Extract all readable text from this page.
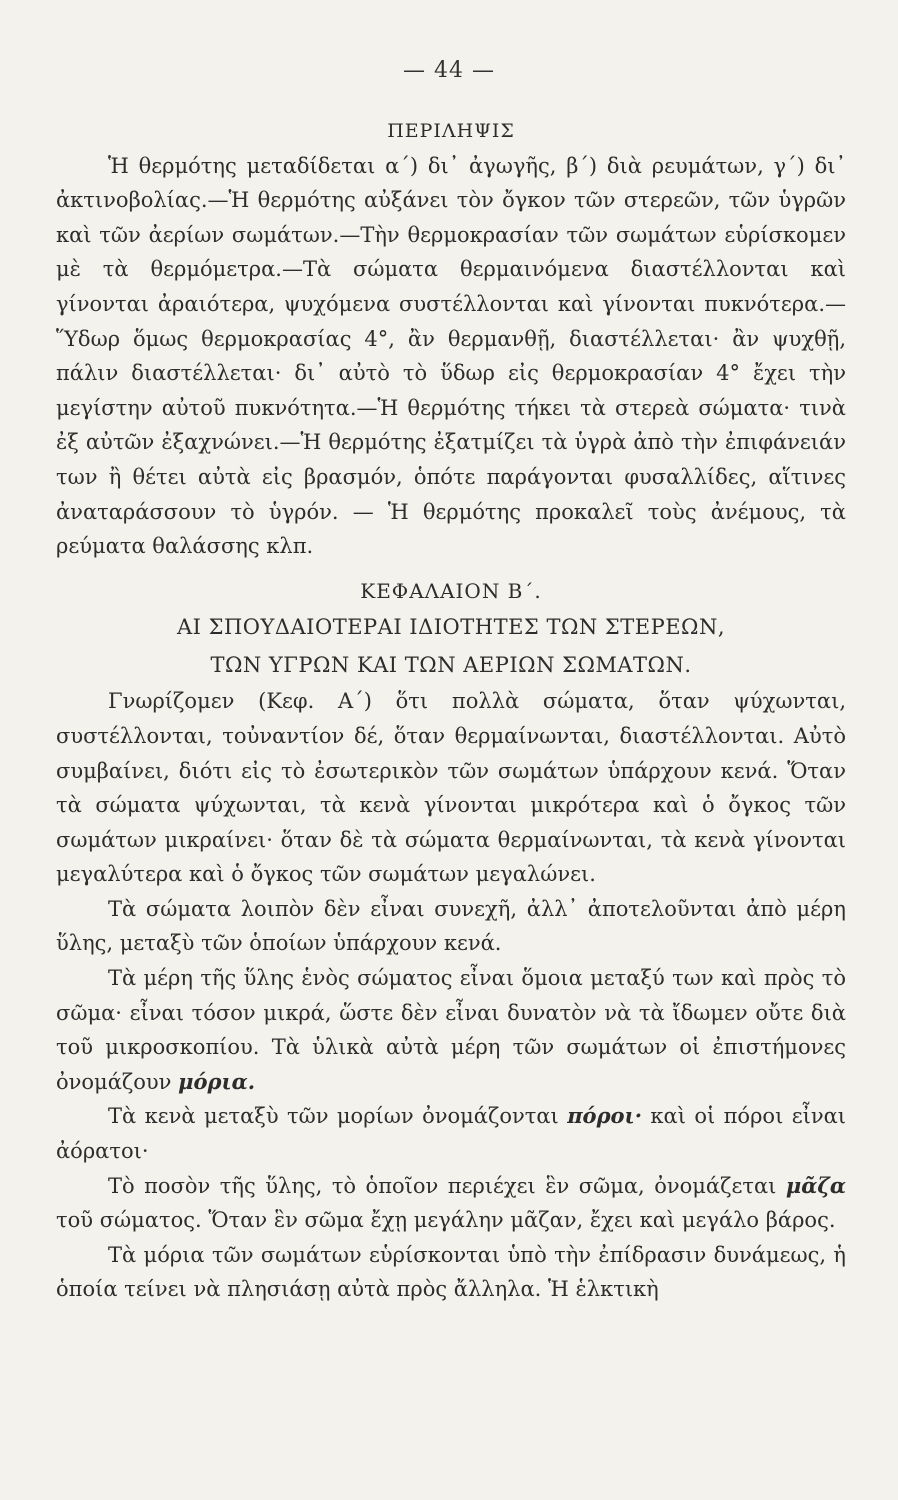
— 44 —
ΠΕΡΙΛΗΨΙΣ

Ἡ θερμότης μεταδίδεται α΄) δι᾿ ἀγωγῆς, β΄) διὰ ρευμάτων, γ΄) δι᾿ ἀκτινοβολίας.—Ἡ θερμότης αὐξάνει τὸν ὄγκον τῶν στερεῶν, τῶν ὑγρῶν καὶ τῶν ἀερίων σωμάτων.—Τὴν θερμοκρασίαν τῶν σωμάτων εὑρίσκομεν μὲ τὰ θερμόμετρα.—Τὰ σώματα θερμαινόμενα διαστέλλονται καὶ γίνονται ἀραιότερα, ψυχόμενα συστέλλονται καὶ γίνονται πυκνότερα.—Ὕδωρ ὅμως θερμοκρασίας 4°, ἂν θερμανθῇ, διαστέλλεται· ἂν ψυχθῇ, πάλιν διαστέλλεται· δι᾿ αὐτὸ τὸ ὕδωρ εἰς θερμοκρασίαν 4° ἔχει τὴν μεγίστην αὐτοῦ πυκνότητα.—Ἡ θερμότης τήκει τὰ στερεὰ σώματα· τινὰ ἐξ αὐτῶν ἐξαχνώνει.—Ἡ θερμότης ἐξατμίζει τὰ ὑγρὰ ἀπὸ τὴν ἐπιφάνειάν των ἢ θέτει αὐτὰ εἰς βρασμόν, ὁπότε παράγονται φυσαλλίδες, αἵτινες ἀναταράσσουν τὸ ὑγρόν. — Ἡ θερμότης προκαλεῖ τοὺς ἀνέμους, τὰ ρεύματα θαλάσσης κλπ.

ΚΕΦΑΛΑΙΟΝ Β΄.
ΑΙ ΣΠΟΥΔΑΙΟΤΕΡΑΙ ΙΔΙΟΤΗΤΕΣ ΤΩΝ ΣΤΕΡΕΩΝ,
ΤΩΝ ΥΓΡΩΝ ΚΑΙ ΤΩΝ ΑΕΡΙΩΝ ΣΩΜΑΤΩΝ.

Γνωρίζομεν (Κεφ. Α΄) ὅτι πολλὰ σώματα, ὅταν ψύχωνται, συστέλλονται, τοὐναντίον δέ, ὅταν θερμαίνωνται, διαστέλλονται. Αὐτὸ συμβαίνει, διότι εἰς τὸ ἐσωτερικὸν τῶν σωμάτων ὑπάρχουν κενά. Ὅταν τὰ σώματα ψύχωνται, τὰ κενὰ γίνονται μικρότερα καὶ ὁ ὄγκος τῶν σωμάτων μικραίνει· ὅταν δὲ τὰ σώματα θερμαίνωνται, τὰ κενὰ γίνονται μεγαλύτερα καὶ ὁ ὄγκος τῶν σωμάτων μεγαλώνει.

Τὰ σώματα λοιπὸν δὲν εἶναι συνεχῆ, ἀλλ᾿ ἀποτελοῦνται ἀπὸ μέρη ὕλης, μεταξὺ τῶν ὁποίων ὑπάρχουν κενά.

Τὰ μέρη τῆς ὕλης ἑνὸς σώματος εἶναι ὅμοια μεταξύ των καὶ πρὸς τὸ σῶμα· εἶναι τόσον μικρά, ὥστε δὲν εἶναι δυνατὸν νὰ τὰ ἴδωμεν οὔτε διὰ τοῦ μικροσκοπίου. Τὰ ὑλικὰ αὐτὰ μέρη τῶν σωμάτων οἱ ἐπιστήμονες ὀνομάζουν μόρια.

Τὰ κενὰ μεταξὺ τῶν μορίων ὀνομάζονται πόροι· καὶ οἱ πόροι εἶναι ἀόρατοι·

Τὸ ποσὸν τῆς ὕλης, τὸ ὁποῖον περιέχει ἓν σῶμα, ὀνομάζεται μᾶζα τοῦ σώματος. Ὅταν ἓν σῶμα ἔχῃ μεγάλην μᾶζαν, ἔχει καὶ μεγάλο βάρος.

Τὰ μόρια τῶν σωμάτων εὑρίσκονται ὑπὸ τὴν ἐπίδρασιν δυνάμεως, ἡ ὁποία τείνει νὰ πλησιάσῃ αὐτὰ πρὸς ἄλληλα. Ἡ ἑλκτικὴ
